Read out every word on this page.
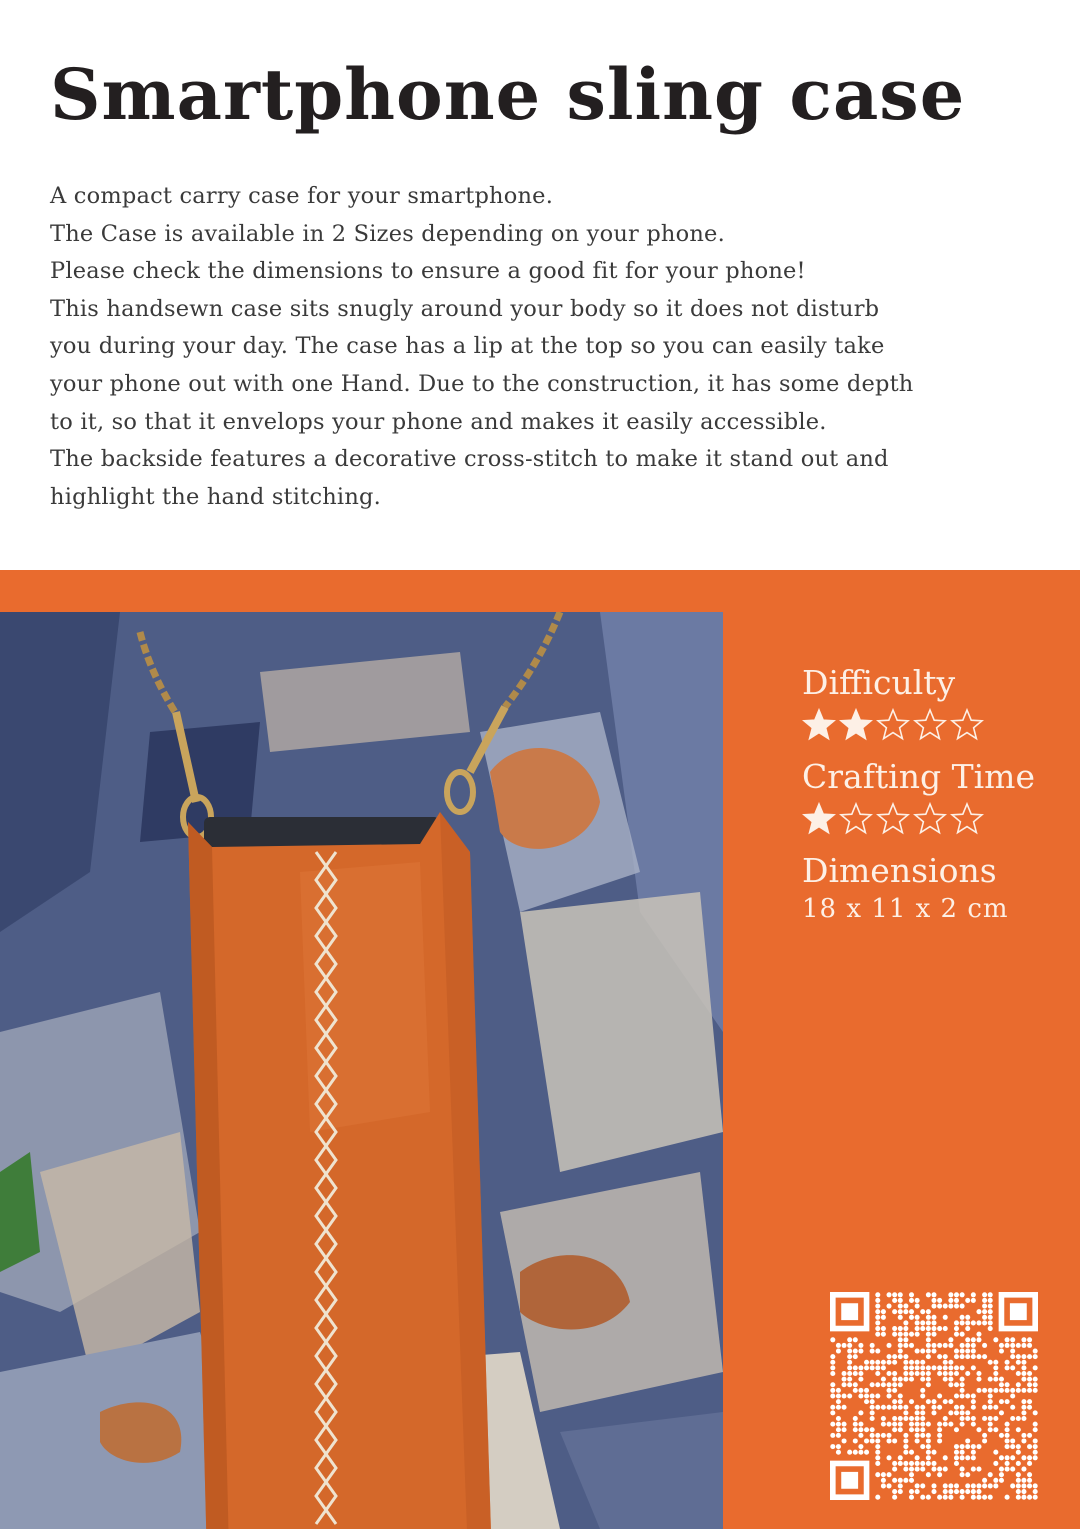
Smartphone sling case
A compact carry case for your smartphone.
The Case is available in 2 Sizes depending on your phone.
Please check the dimensions to ensure a good fit for your phone!
This handsewn case sits snugly around your body so it does not disturb
you during your day. The case has a lip at the top so you can easily take
your phone out with one Hand. Due to the construction, it has some depth
to it, so that it envelops your phone and makes it easily accessible.
The backside features a decorative cross-stitch to make it stand out and
highlight the hand stitching.
Difficulty
Crafting Time
Dimensions
18 x 11 x 2 cm
